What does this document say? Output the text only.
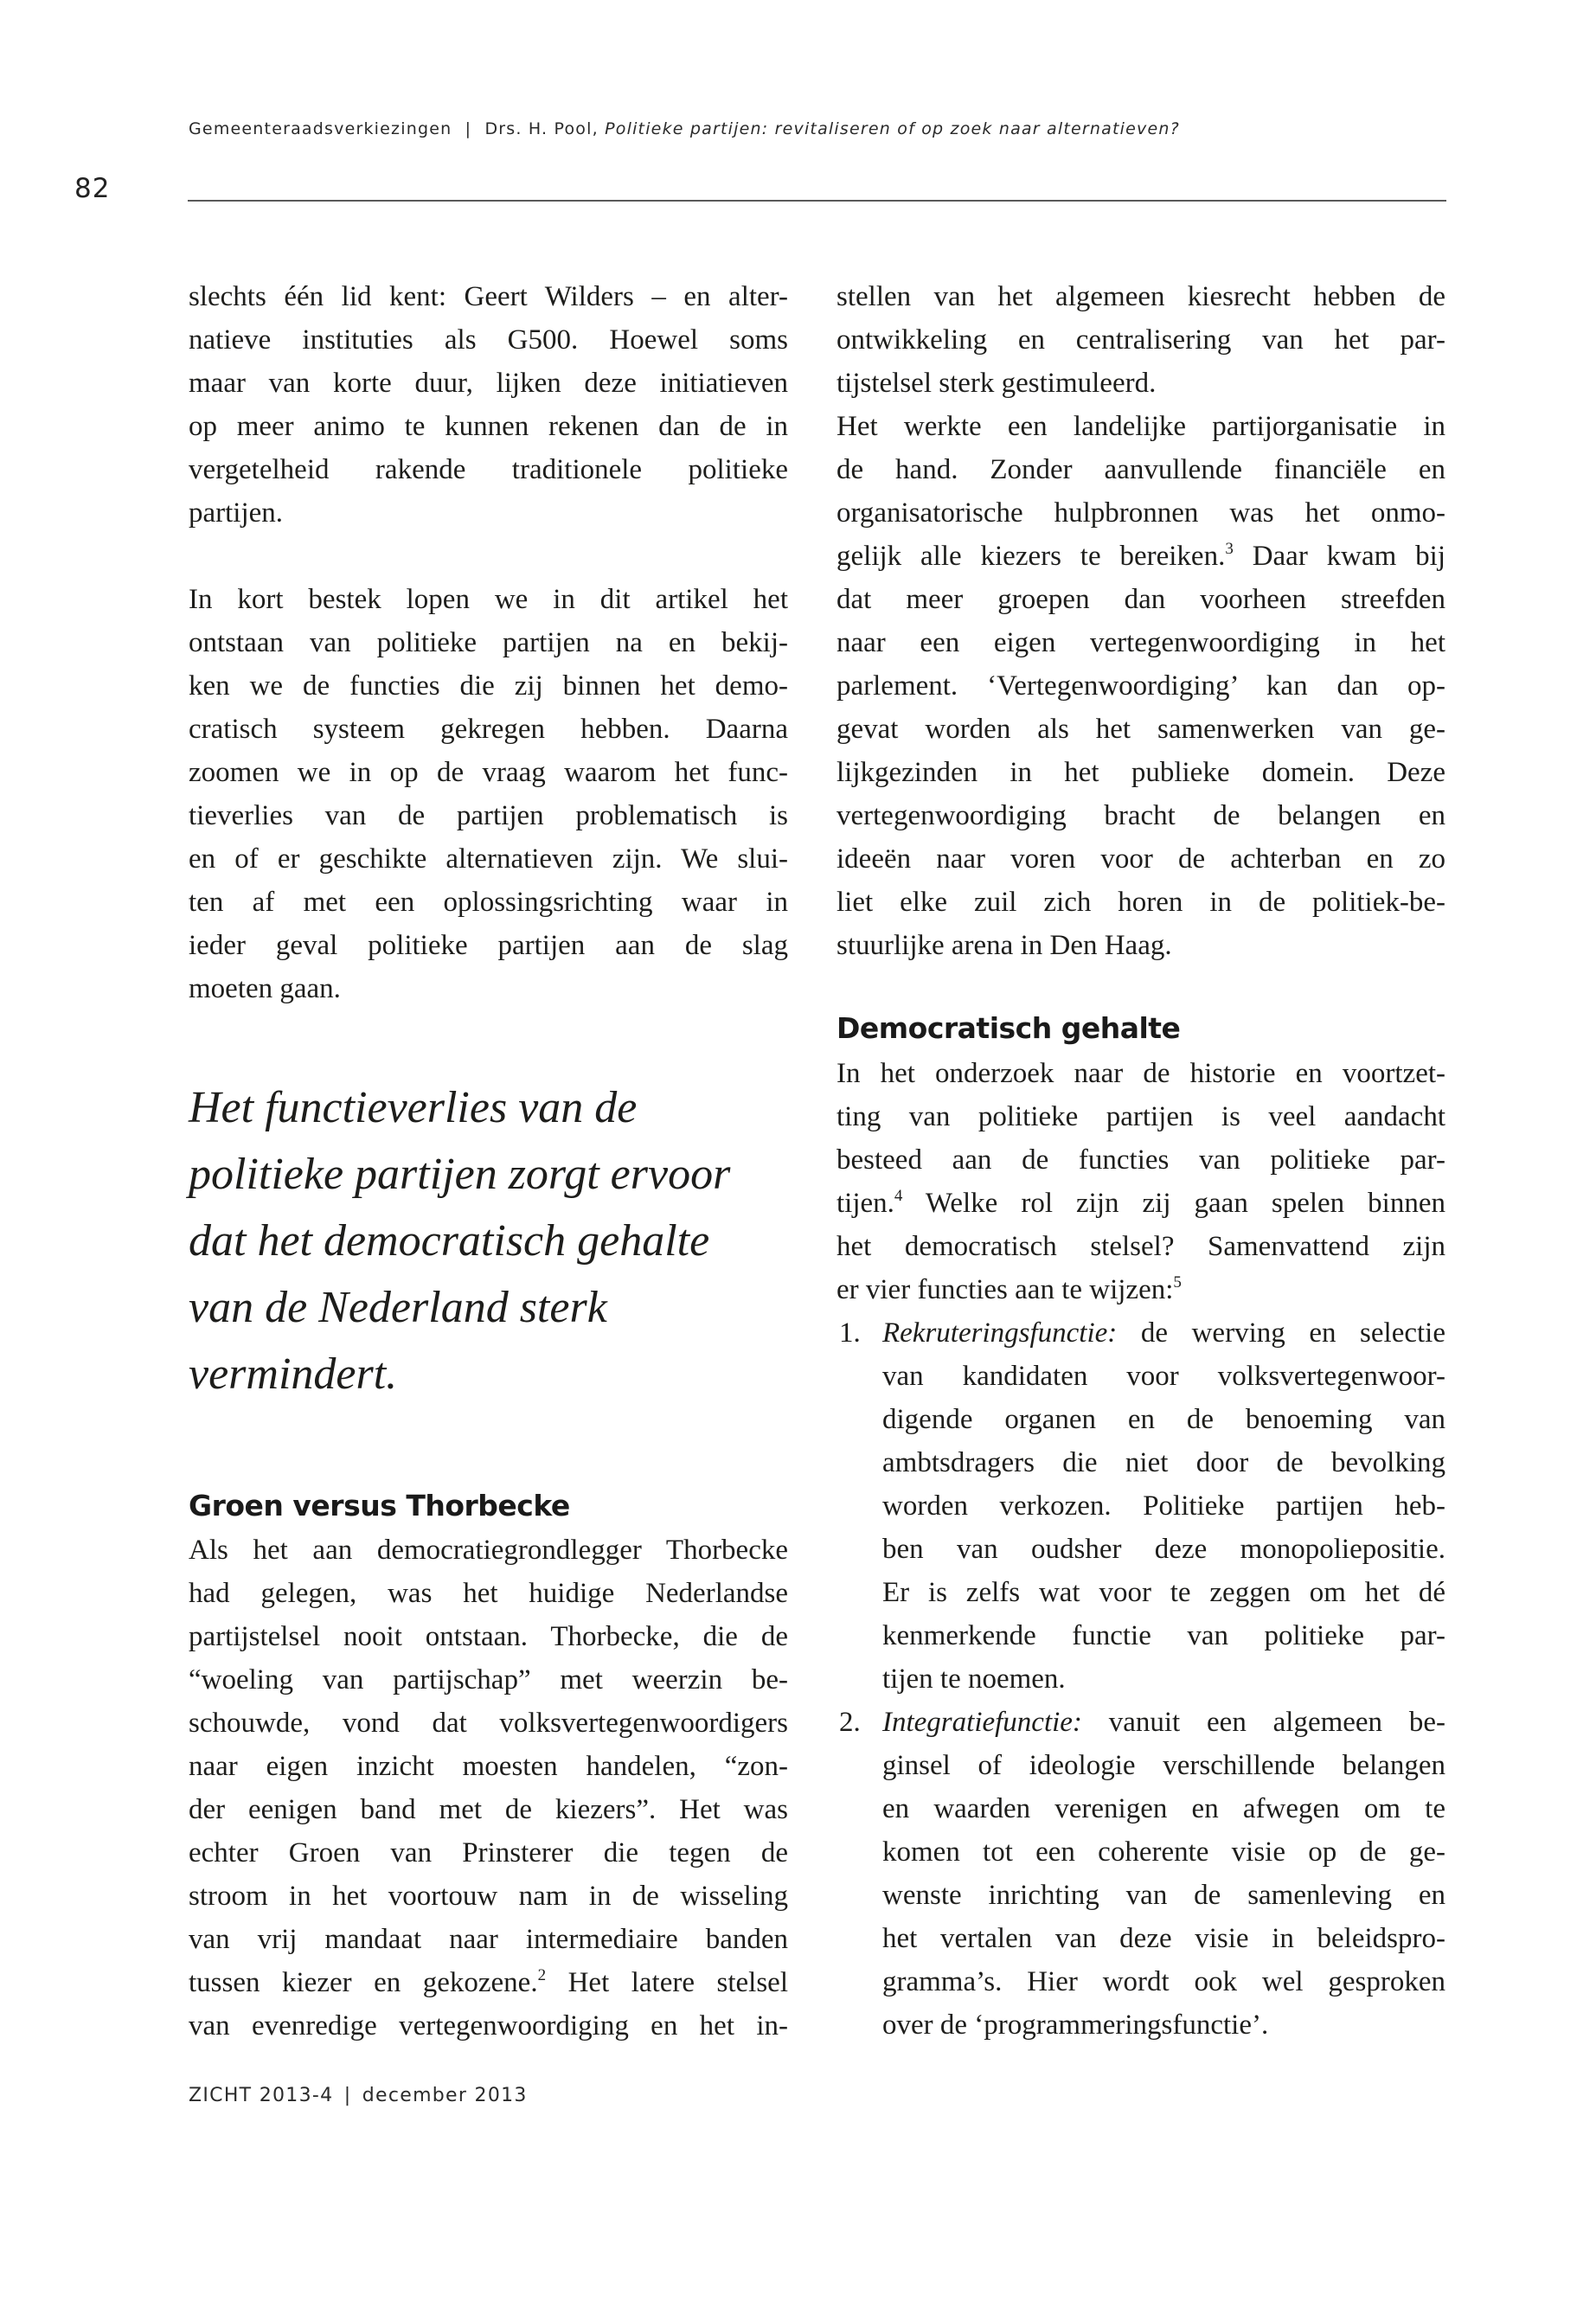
Gemeenteraadsverkiezingen | Drs. H. Pool, Politieke partijen: revitaliseren of op zoek naar alternatieven?
82
slechts één lid kent: Geert Wilders – en alter-
natieve instituties als G500. Hoewel soms
maar van korte duur, lijken deze initiatieven
op meer animo te kunnen rekenen dan de in
vergetelheid rakende traditionele politieke
partijen.
In kort bestek lopen we in dit artikel het
ontstaan van politieke partijen na en bekij-
ken we de functies die zij binnen het demo-
cratisch systeem gekregen hebben. Daarna
zoomen we in op de vraag waarom het func-
tieverlies van de partijen problematisch is
en of er geschikte alternatieven zijn. We slui-
ten af met een oplossingsrichting waar in
ieder geval politieke partijen aan de slag
moeten gaan.
Het functieverlies van de
politieke partijen zorgt ervoor
dat het democratisch gehalte
van de Nederland sterk
vermindert.
Groen versus Thorbecke
Als het aan democratiegrondlegger Thorbecke
had gelegen, was het huidige Nederlandse
partijstelsel nooit ontstaan. Thorbecke, die de
“woeling van partijschap” met weerzin be-
schouwde, vond dat volksvertegenwoordigers
naar eigen inzicht moesten handelen, “zon-
der eenigen band met de kiezers”. Het was
echter Groen van Prinsterer die tegen de
stroom in het voortouw nam in de wisseling
van vrij mandaat naar intermediaire banden
tussen kiezer en gekozene.$^2$ Het latere stelsel
van evenredige vertegenwoordiging en het in-
stellen van het algemeen kiesrecht hebben de
ontwikkeling en centralisering van het par-
tijstelsel sterk gestimuleerd.
Het werkte een landelijke partijorganisatie in
de hand. Zonder aanvullende financiële en
organisatorische hulpbronnen was het onmo-
gelijk alle kiezers te bereiken.$^3$ Daar kwam bij
dat meer groepen dan voorheen streefden
naar een eigen vertegenwoordiging in het
parlement. ‘Vertegenwoordiging’ kan dan op-
gevat worden als het samenwerken van ge-
lijkgezinden in het publieke domein. Deze
vertegenwoordiging bracht de belangen en
ideeën naar voren voor de achterban en zo
liet elke zuil zich horen in de politiek-be-
stuurlijke arena in Den Haag.
Democratisch gehalte
In het onderzoek naar de historie en voortzet-
ting van politieke partijen is veel aandacht
besteed aan de functies van politieke par-
tijen.$^4$ Welke rol zijn zij gaan spelen binnen
het democratisch stelsel? Samenvattend zijn
er vier functies aan te wijzen:$^5$
1. Rekruteringsfunctie: de werving en selectie
van kandidaten voor volksvertegenwoor-
digende organen en de benoeming van
ambtsdragers die niet door de bevolking
worden verkozen. Politieke partijen heb-
ben van oudsher deze monopoliepositie.
Er is zelfs wat voor te zeggen om het dé
kenmerkende functie van politieke par-
tijen te noemen.
2. Integratiefunctie: vanuit een algemeen be-
ginsel of ideologie verschillende belangen
en waarden verenigen en afwegen om te
komen tot een coherente visie op de ge-
wenste inrichting van de samenleving en
het vertalen van deze visie in beleidspro-
gramma’s. Hier wordt ook wel gesproken
over de ‘programmeringsfunctie’.
ZICHT 2013-4 | december 2013
